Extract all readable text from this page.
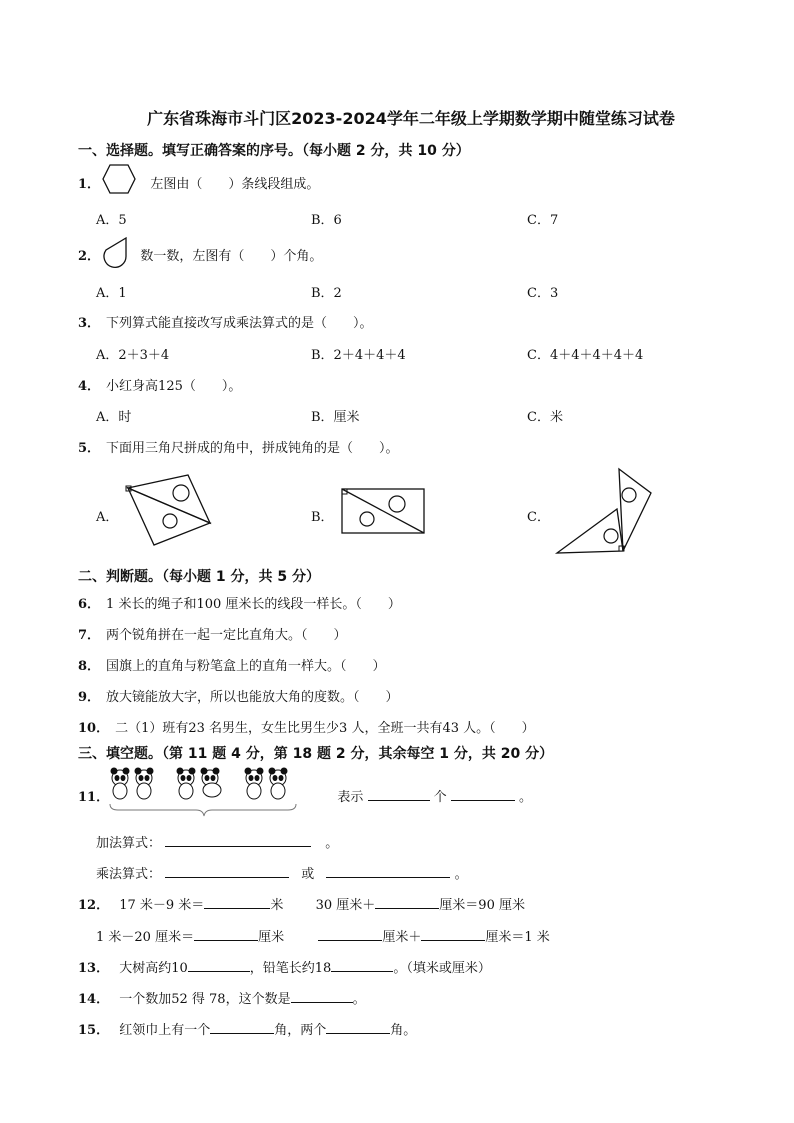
广东省珠海市斗门区2023-2024学年二年级上学期数学期中随堂练习试卷
一、选择题。填写正确答案的序号。（每小题 2 分，共 10 分）
1．	左图由（　　）条线段组成。
A．5	B．6	C．7
2．	数一数，左图有（　　）个角。
A．1	B．2	C．3
3． 下列算式能直接改写成乘法算式的是（　　）。
A．2＋3＋4	B．2＋4＋4＋4	C．4＋4＋4＋4＋4
4． 小红身高125（　　）。
A．时	B．厘米	C．米
5． 下面用三角尺拼成的角中，拼成钝角的是（　　）。
A．	B．	C．
二、判断题。（每小题 1 分，共 5 分）
6． 1 米长的绳子和100 厘米长的线段一样长。（　　）
7． 两个锐角拼在一起一定比直角大。（　　）
8． 国旗上的直角与粉笔盒上的直角一样大。（　　）
9． 放大镜能放大字，所以也能放大角的度数。（　　）
10． 二（1）班有23 名男生，女生比男生少3 人，全班一共有43 人。（　　）
三、填空题。（第 11 题 4 分，第 18 题 2 分，其余每空 1 分，共 20 分）
11．	表示	个	。
加法算式：	。
乘法算式：	或	。
12． 17 米－9 米＝	米 30 厘米＋	厘米＝90 厘米
1 米－20 厘米＝	厘米	厘米＋	厘米＝1 米
13． 大树高约10	，铅笔长约18	。（填米或厘米）
14． 一个数加52 得 78，这个数是	。
15． 红领巾上有一个	角，两个	角。
